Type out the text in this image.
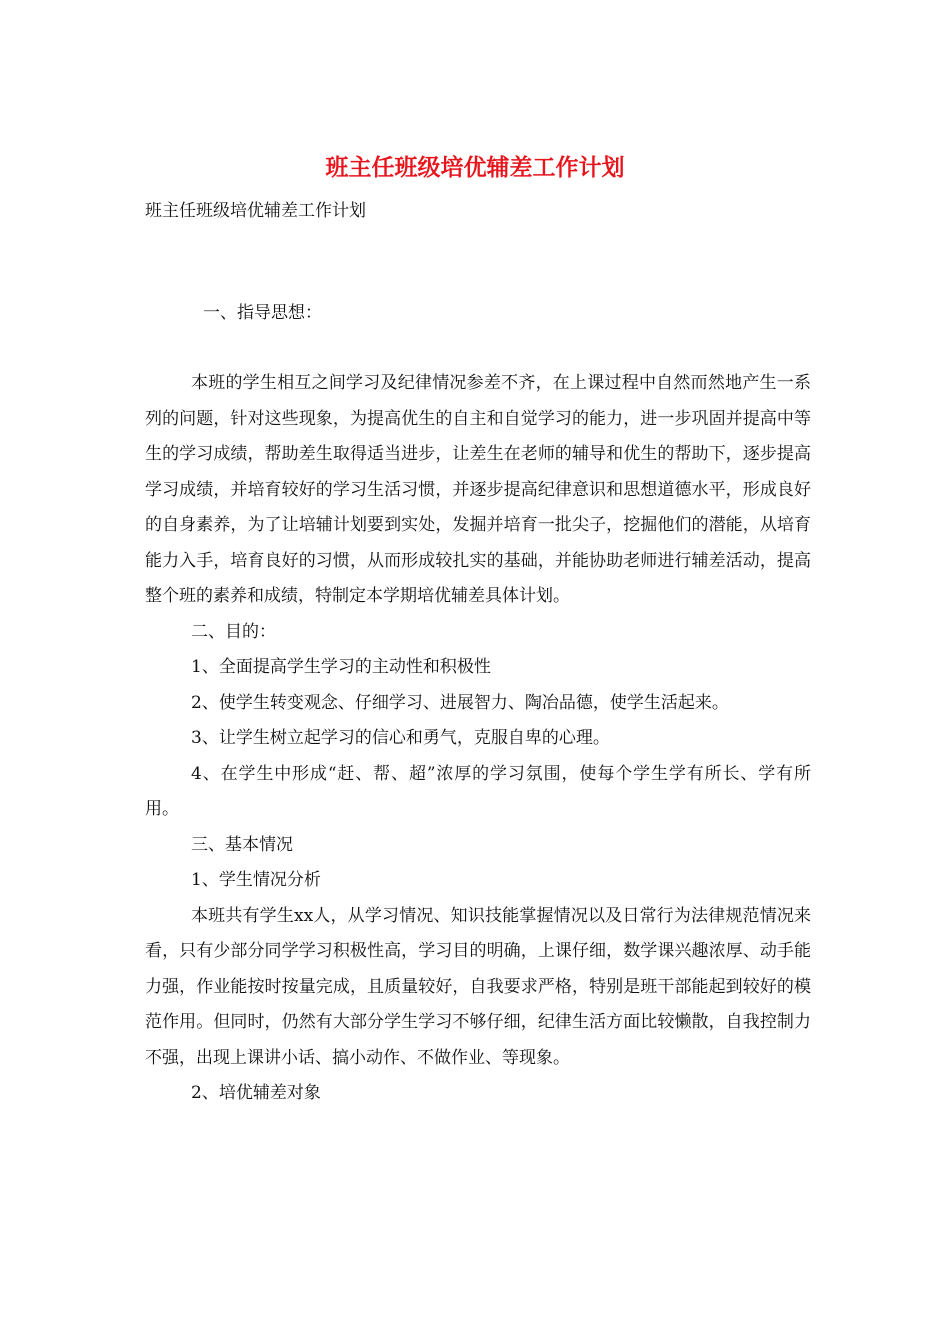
班主任班级培优辅差工作计划

班主任班级培优辅差工作计划

一、指导思想：

本班的学生相互之间学习及纪律情况参差不齐，在上课过程中自然而然地产生一系列的问题，针对这些现象，为提高优生的自主和自觉学习的能力，进一步巩固并提高中等生的学习成绩，帮助差生取得适当进步，让差生在老师的辅导和优生的帮助下，逐步提高学习成绩，并培育较好的学习生活习惯，并逐步提高纪律意识和思想道德水平，形成良好的自身素养，为了让培辅计划要到实处，发掘并培育一批尖子，挖掘他们的潜能，从培育能力入手，培育良好的习惯，从而形成较扎实的基础，并能协助老师进行辅差活动，提高整个班的素养和成绩，特制定本学期培优辅差具体计划。

二、目的：

1、全面提高学生学习的主动性和积极性

2、使学生转变观念、仔细学习、进展智力、陶冶品德，使学生活起来。

3、让学生树立起学习的信心和勇气，克服自卑的心理。

4、在学生中形成“赶、帮、超”浓厚的学习氛围，使每个学生学有所长、学有所用。

三、基本情况

1、学生情况分析

本班共有学生xx人，从学习情况、知识技能掌握情况以及日常行为法律规范情况来看，只有少部分同学学习积极性高，学习目的明确，上课仔细，数学课兴趣浓厚、动手能力强，作业能按时按量完成，且质量较好，自我要求严格，特别是班干部能起到较好的模范作用。但同时，仍然有大部分学生学习不够仔细，纪律生活方面比较懒散，自我控制力不强，出现上课讲小话、搞小动作、不做作业、等现象。

2、培优辅差对象
